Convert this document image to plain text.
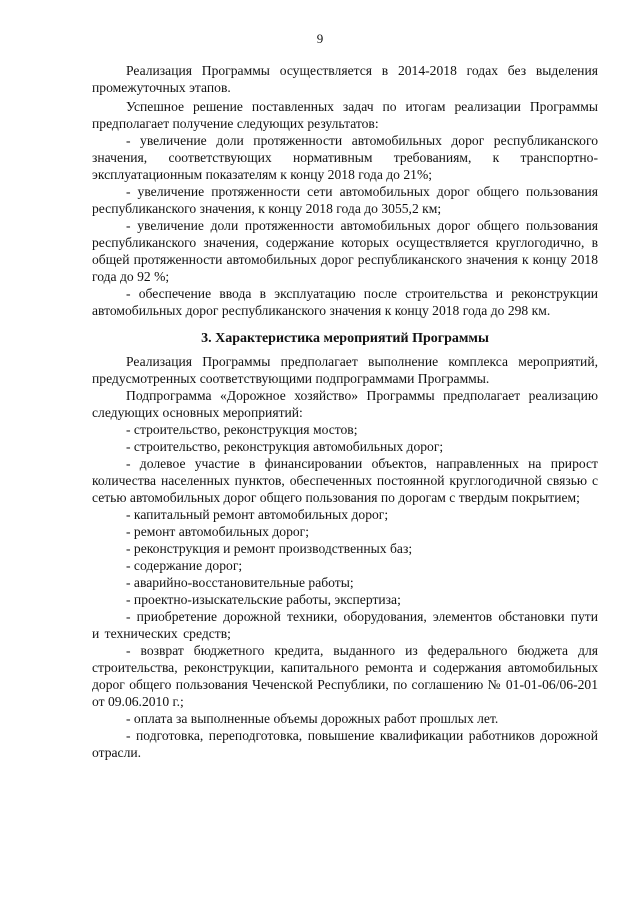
9

Реализация Программы осуществляется в 2014-2018 годах без выделения промежуточных этапов.

Успешное решение поставленных задач по итогам реализации Программы предполагает получение следующих результатов:

- увеличение доли протяженности автомобильных дорог республиканского значения, соответствующих нормативным требованиям, к транспортно-эксплуатационным показателям к концу 2018 года до 21%;

- увеличение протяженности сети автомобильных дорог общего пользования республиканского значения, к концу 2018 года до 3055,2 км;

- увеличение доли протяженности автомобильных дорог общего пользования республиканского значения, содержание которых осуществляется круглогодично, в общей протяженности автомобильных дорог республиканского значения к концу 2018 года до 92 %;

- обеспечение ввода в эксплуатацию после строительства и реконструкции автомобильных дорог республиканского значения к концу 2018 года до 298 км.

3. Характеристика мероприятий Программы

Реализация Программы предполагает выполнение комплекса мероприятий, предусмотренных соответствующими подпрограммами Программы.

Подпрограмма «Дорожное хозяйство» Программы предполагает реализацию следующих основных мероприятий:

- строительство, реконструкция мостов;

- строительство, реконструкция автомобильных дорог;

- долевое участие в финансировании объектов, направленных на прирост количества населенных пунктов, обеспеченных постоянной круглогодичной связью с сетью автомобильных дорог общего пользования по дорогам с твердым покрытием;

- капитальный ремонт автомобильных дорог;

- ремонт автомобильных дорог;

- реконструкция и ремонт производственных баз;

- содержание дорог;

- аварийно-восстановительные работы;

- проектно-изыскательские работы, экспертиза;

- приобретение дорожной техники, оборудования, элементов обстановки пути и технических средств;

- возврат бюджетного кредита, выданного из федерального бюджета для строительства, реконструкции, капитального ремонта и содержания автомобильных дорог общего пользования Чеченской Республики, по соглашению № 01-01-06/06-201 от 09.06.2010 г.;

- оплата за выполненные объемы дорожных работ прошлых лет.

- подготовка, переподготовка, повышение квалификации работников дорожной отрасли.
